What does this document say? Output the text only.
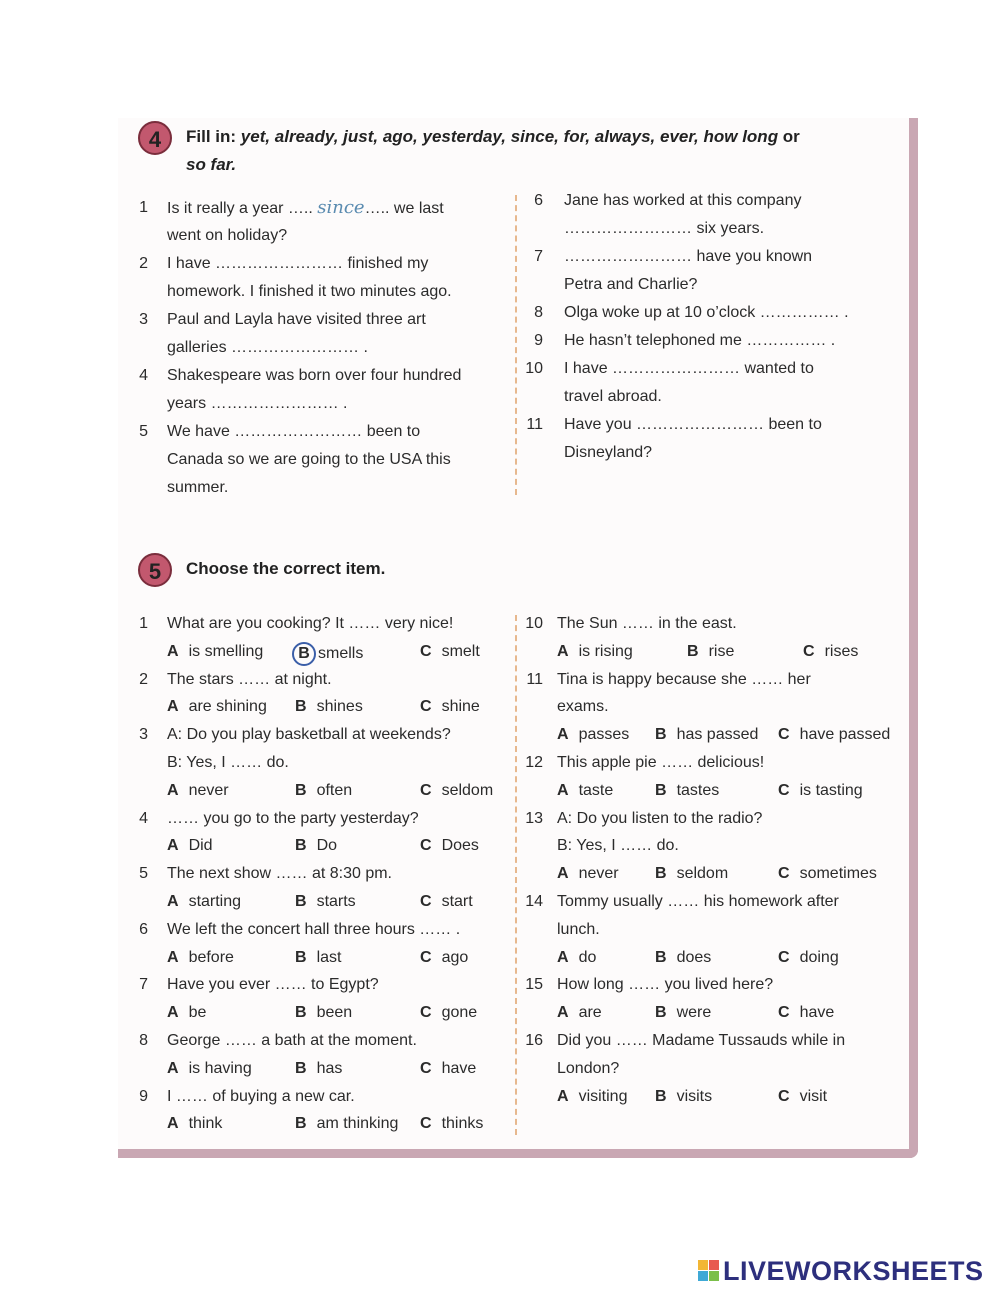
4	Fill in: yet, already, just, ago, yesterday, since, for, always, ever, how long or
so far.
1 Is it really a year ….. since….. we last
went on holiday?
2 I have …………………… finished my
homework. I finished it two minutes ago.
3 Paul and Layla have visited three art
galleries …………………… .
4 Shakespeare was born over four hundred
years …………………… .
5 We have …………………… been to
Canada so we are going to the USA this
summer.
6 Jane has worked at this company
…………………… six years.
7 …………………… have you known
Petra and Charlie?
8 Olga woke up at 10 o’clock …………… .
9 He hasn’t telephoned me …………… .
10 I have …………………… wanted to
travel abroad.
11 Have you …………………… been to
Disneyland?
5	Choose the correct item.
1 What are you cooking? It …… very nice!
A is smelling B smells	C smelt
2 The stars …… at night.
A are shining B shines	C shine
3 A: Do you play basketball at weekends?
B: Yes, I …… do.
A never	B often	C seldom
4 …… you go to the party yesterday?
A Did	B Do	C Does
5 The next show …… at 8:30 pm.
A starting	B starts	C start
6 We left the concert hall three hours …… .
A before	B last	C ago
7 Have you ever …… to Egypt?
A be	B been	C gone
8 George …… a bath at the moment.
A is having	B has	C have
9 I …… of buying a new car.
A think	B am thinking C thinks
10 The Sun …… in the east.
A is rising	B rise	C rises
11 Tina is happy because she …… her
exams.
A passes B has passed C have passed
12 This apple pie …… delicious!
A taste	B tastes	C is tasting
13 A: Do you listen to the radio?
B: Yes, I …… do.
A never B seldom	C sometimes
14 Tommy usually …… his homework after
lunch.
A do	B does	C doing
15 How long …… you lived here?
A are	B were	C have
16 Did you …… Madame Tussauds while in
London?
A visiting B visits	C visit
LIVEWORKSHEETS
